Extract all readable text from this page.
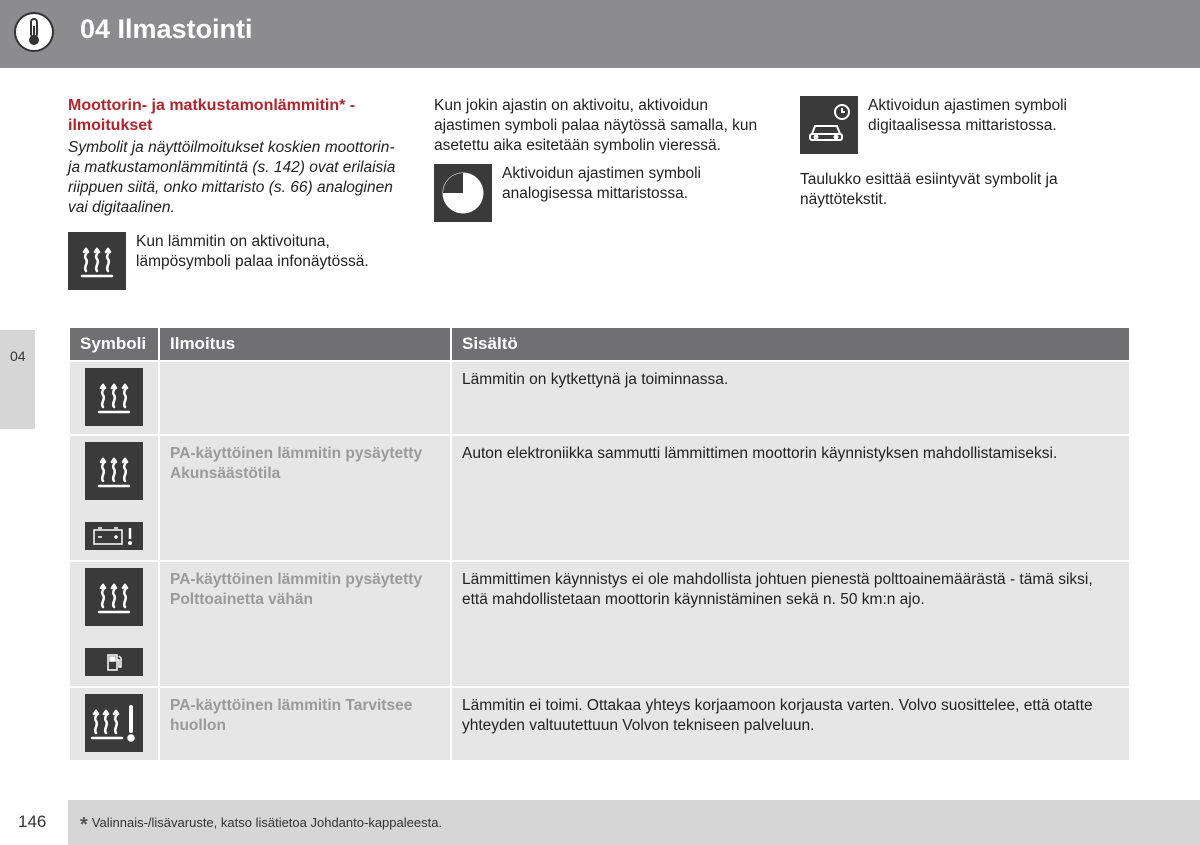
04 Ilmastointi
04
Moottorin- ja matkustamonlämmitin* - ilmoitukset
Symbolit ja näyttöilmoitukset koskien moottorin- ja matkustamonlämmitintä (s. 142) ovat erilaisia riippuen siitä, onko mittaristo (s. 66) analoginen vai digitaalinen.
Kun lämmitin on aktivoituna, lämpösymboli palaa infonäytössä.
Kun jokin ajastin on aktivoitu, aktivoidun ajastimen symboli palaa näytössä samalla, kun asetettu aika esitetään symbolin vieressä.
Aktivoidun ajastimen symboli analogisessa mittaristossa.
Aktivoidun ajastimen symboli digitaalisessa mittaristossa.
Taulukko esittää esiintyvät symbolit ja näyttötekstit.
Symboli	Ilmoitus	Sisältö

		Lämmitin on kytkettynä ja toiminnassa.

	PA-käyttöinen lämmitin pysäytetty Akunsäästötila	Auton elektroniikka sammutti lämmittimen moottorin käynnistyksen mahdollistamiseksi.

	PA-käyttöinen lämmitin pysäytetty Polttoainetta vähän	Lämmittimen käynnistys ei ole mahdollista johtuen pienestä polttoainemäärästä - tämä siksi, että mahdollistetaan moottorin käynnistäminen sekä n. 50 km:n ajo.

	PA-käyttöinen lämmitin Tarvitsee huollon	Lämmitin ei toimi. Ottakaa yhteys korjaamoon korjausta varten. Volvo suosittelee, että otatte yhteyden valtuutettuun Volvon tekniseen palveluun.
146 * Valinnais-/lisävaruste, katso lisätietoa Johdanto-kappaleesta.
